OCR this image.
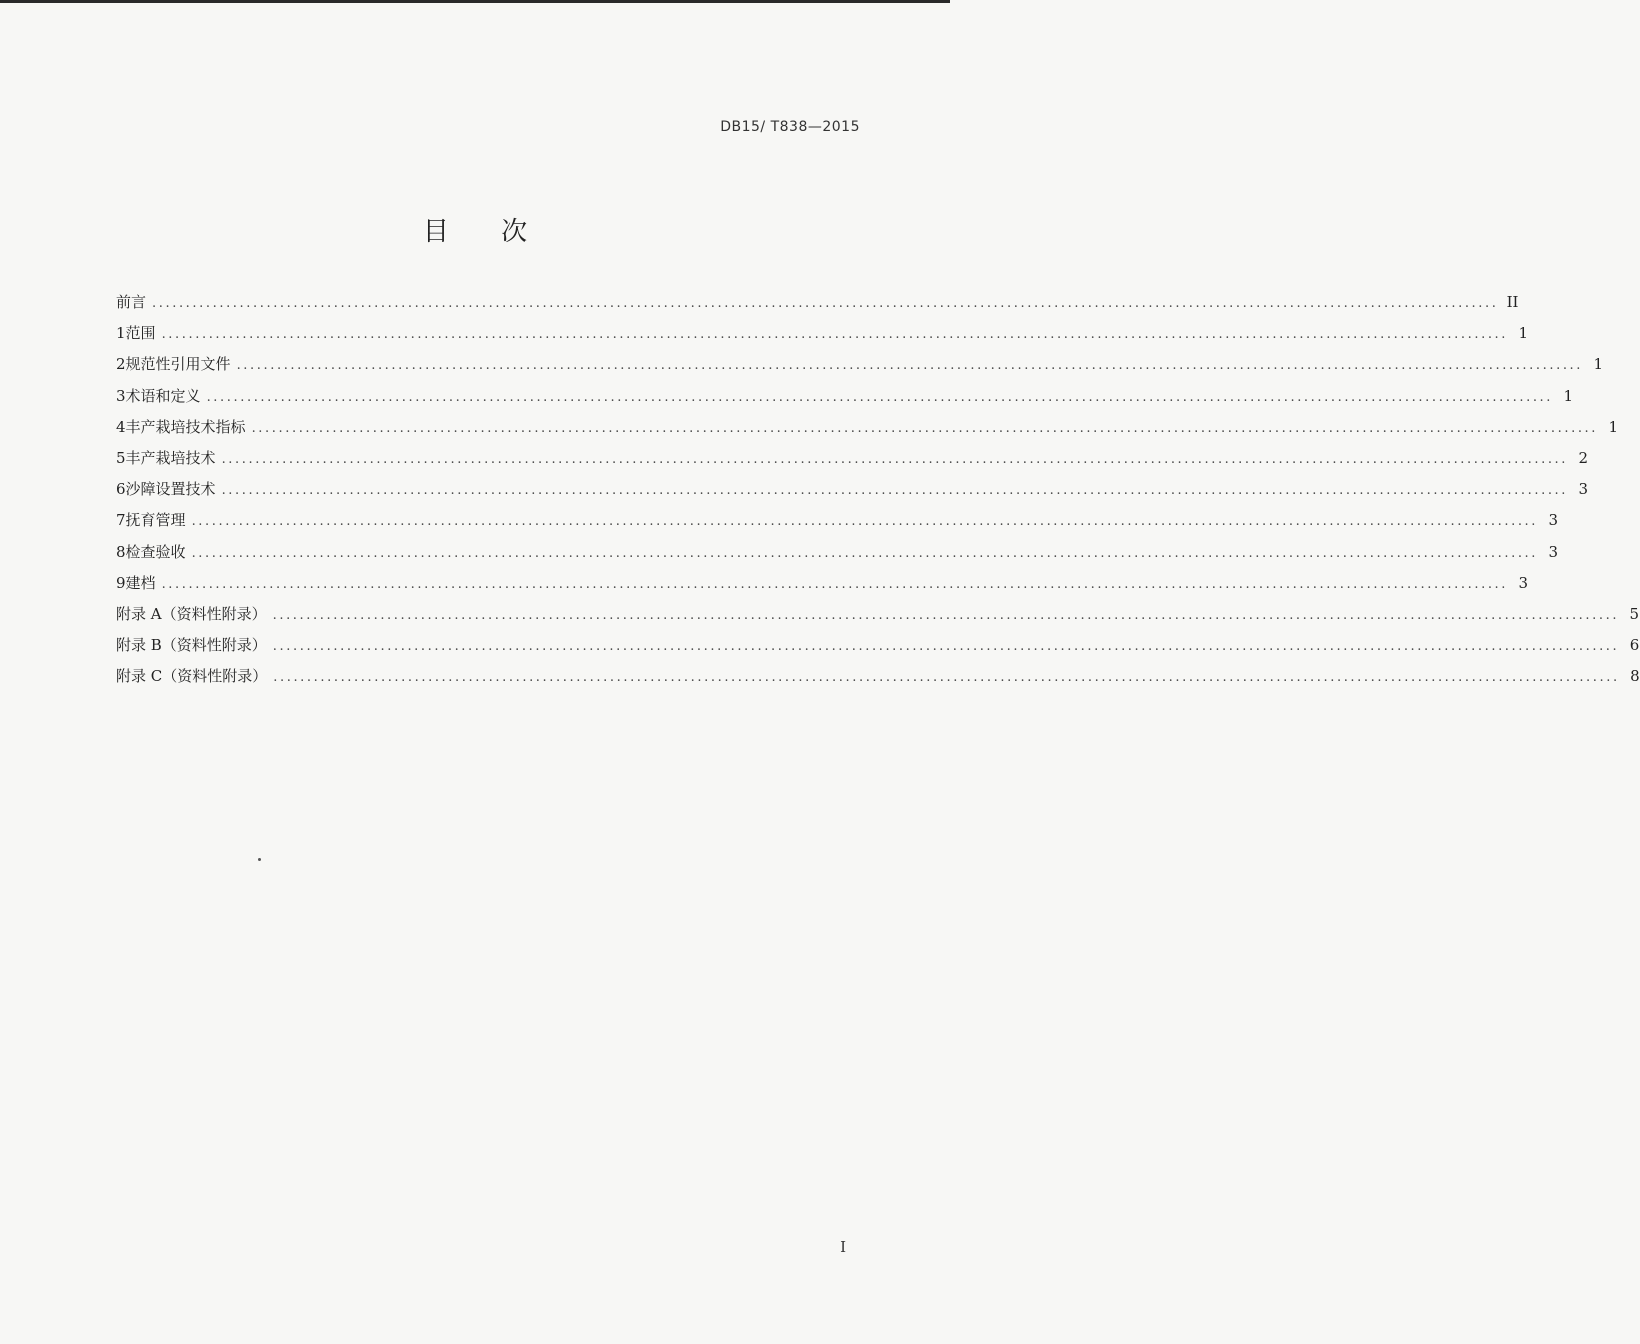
DB15/ T838—2015
目 次
前言 ........................................................................................................................................................................................................ II
1 范围 ........................................................................................................................................................................................................ 1
2 规范性引用文件 ........................................................................................................................................................................................................ 1
3 术语和定义 ........................................................................................................................................................................................................ 1
4 丰产栽培技术指标 ........................................................................................................................................................................................................ 1
5 丰产栽培技术 ........................................................................................................................................................................................................ 2
6 沙障设置技术 ........................................................................................................................................................................................................ 3
7 抚育管理 ........................................................................................................................................................................................................ 3
8 检查验收 ........................................................................................................................................................................................................ 3
9 建档 ........................................................................................................................................................................................................ 3
附录 A（资料性附录） ........................................................................................................................................................................................................ 5
附录 B（资料性附录） ........................................................................................................................................................................................................ 6
附录 C（资料性附录） ........................................................................................................................................................................................................ 8
I
